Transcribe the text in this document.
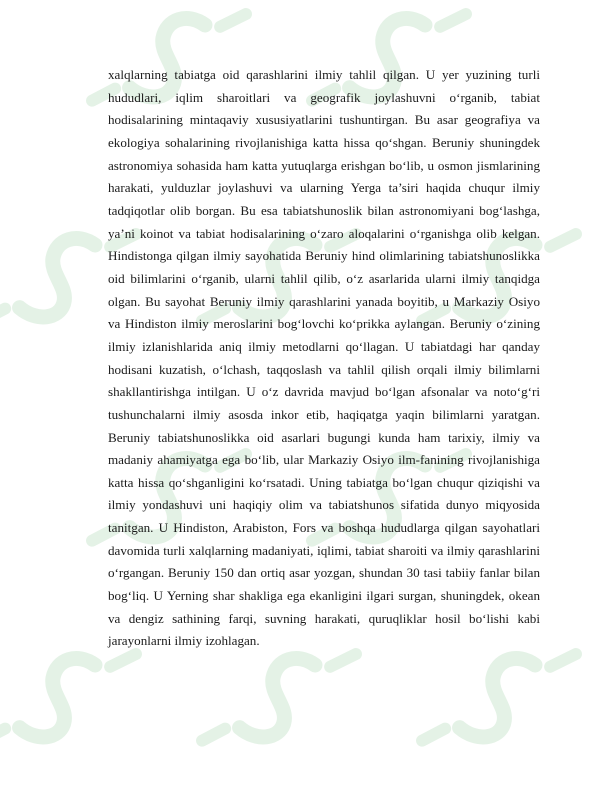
xalqlarning tabiatga oid qarashlarini ilmiy tahlil qilgan. U yer yuzining turli hududlari, iqlim sharoitlari va geografik joylashuvni o‘rganib, tabiat hodisalarining mintaqaviy xususiyatlarini tushuntirgan. Bu asar geografiya va ekologiya sohalarining rivojlanishiga katta hissa qo‘shgan. Beruniy shuningdek astronomiya sohasida ham katta yutuqlarga erishgan bo‘lib, u osmon jismlarining harakati, yulduzlar joylashuvi va ularning Yerga ta’siri haqida chuqur ilmiy tadqiqotlar olib borgan. Bu esa tabiatshunoslik bilan astronomiyani bog‘lashga, ya’ni koinot va tabiat hodisalarining o‘zaro aloqalarini o‘rganishga olib kelgan. Hindistonga qilgan ilmiy sayohatida Beruniy hind olimlarining tabiatshunoslikka oid bilimlarini o‘rganib, ularni tahlil qilib, o‘z asarlarida ularni ilmiy tanqidga olgan. Bu sayohat Beruniy ilmiy qarashlarini yanada boyitib, u Markaziy Osiyo va Hindiston ilmiy meroslarini bog‘lovchi ko‘prikka aylangan. Beruniy o‘zining ilmiy izlanishlarida aniq ilmiy metodlarni qo‘llagan. U tabiatdagi har qanday hodisani kuzatish, o‘lchash, taqqoslash va tahlil qilish orqali ilmiy bilimlarni shakllantirishga intilgan. U o‘z davrida mavjud bo‘lgan afsonalar va noto‘g‘ri tushunchalarni ilmiy asosda inkor etib, haqiqatga yaqin bilimlarni yaratgan. Beruniy tabiatshunoslikka oid asarlari bugungi kunda ham tarixiy, ilmiy va madaniy ahamiyatga ega bo‘lib, ular Markaziy Osiyo ilm-fanining rivojlanishiga katta hissa qo‘shganligini ko‘rsatadi. Uning tabiatga bo‘lgan chuqur qiziqishi va ilmiy yondashuvi uni haqiqiy olim va tabiatshunos sifatida dunyo miqyosida tanitgan. U Hindiston, Arabiston, Fors va boshqa hududlarga qilgan sayohatlari davomida turli xalqlarning madaniyati, iqlimi, tabiat sharoiti va ilmiy qarashlarini o‘rgangan. Beruniy 150 dan ortiq asar yozgan, shundan 30 tasi tabiiy fanlar bilan bog‘liq. U Yerning shar shakliga ega ekanligini ilgari surgan, shuningdek, okean va dengiz sathining farqi, suvning harakati, quruqliklar hosil bo‘lishi kabi jarayonlarni ilmiy izohlagan.
